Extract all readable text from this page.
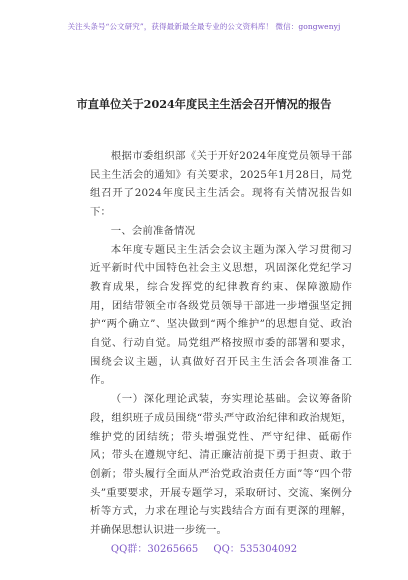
关注头条号“公文研究”，获得最新最全最专业的公文资料库！ 微信：gongwenyj
市直单位关于2024年度民主生活会召开情况的报告

根据市委组织部《关于开好2024年度党员领导干部民主生活会的通知》有关要求，2025年1月28日，局党组召开了2024年度民主生活会。现将有关情况报告如下：

一、会前准备情况

本年度专题民主生活会会议主题为深入学习贯彻习近平新时代中国特色社会主义思想，巩固深化党纪学习教育成果，综合发挥党的纪律教育约束、保障激励作用，团结带领全市各级党员领导干部进一步增强坚定拥护“两个确立”、坚决做到“两个维护”的思想自觉、政治自觉、行动自觉。局党组严格按照市委的部署和要求，围绕会议主题，认真做好召开民主生活会各项准备工作。

（一）深化理论武装，夯实理论基础。会议筹备阶段，组织班子成员围绕“带头严守政治纪律和政治规矩，维护党的团结统；带头增强党性、严守纪律、砥砺作风；带头在遵规守纪、清正廉洁前提下勇于担责、敢于创新；带头履行全面从严治党政治责任方面”等“四个带头”重要要求，开展专题学习，采取研讨、交流、案例分析等方式，力求在理论与实践结合方面有更深的理解，并确保思想认识进一步统一。

QQ群：30265665 QQ：535304092
